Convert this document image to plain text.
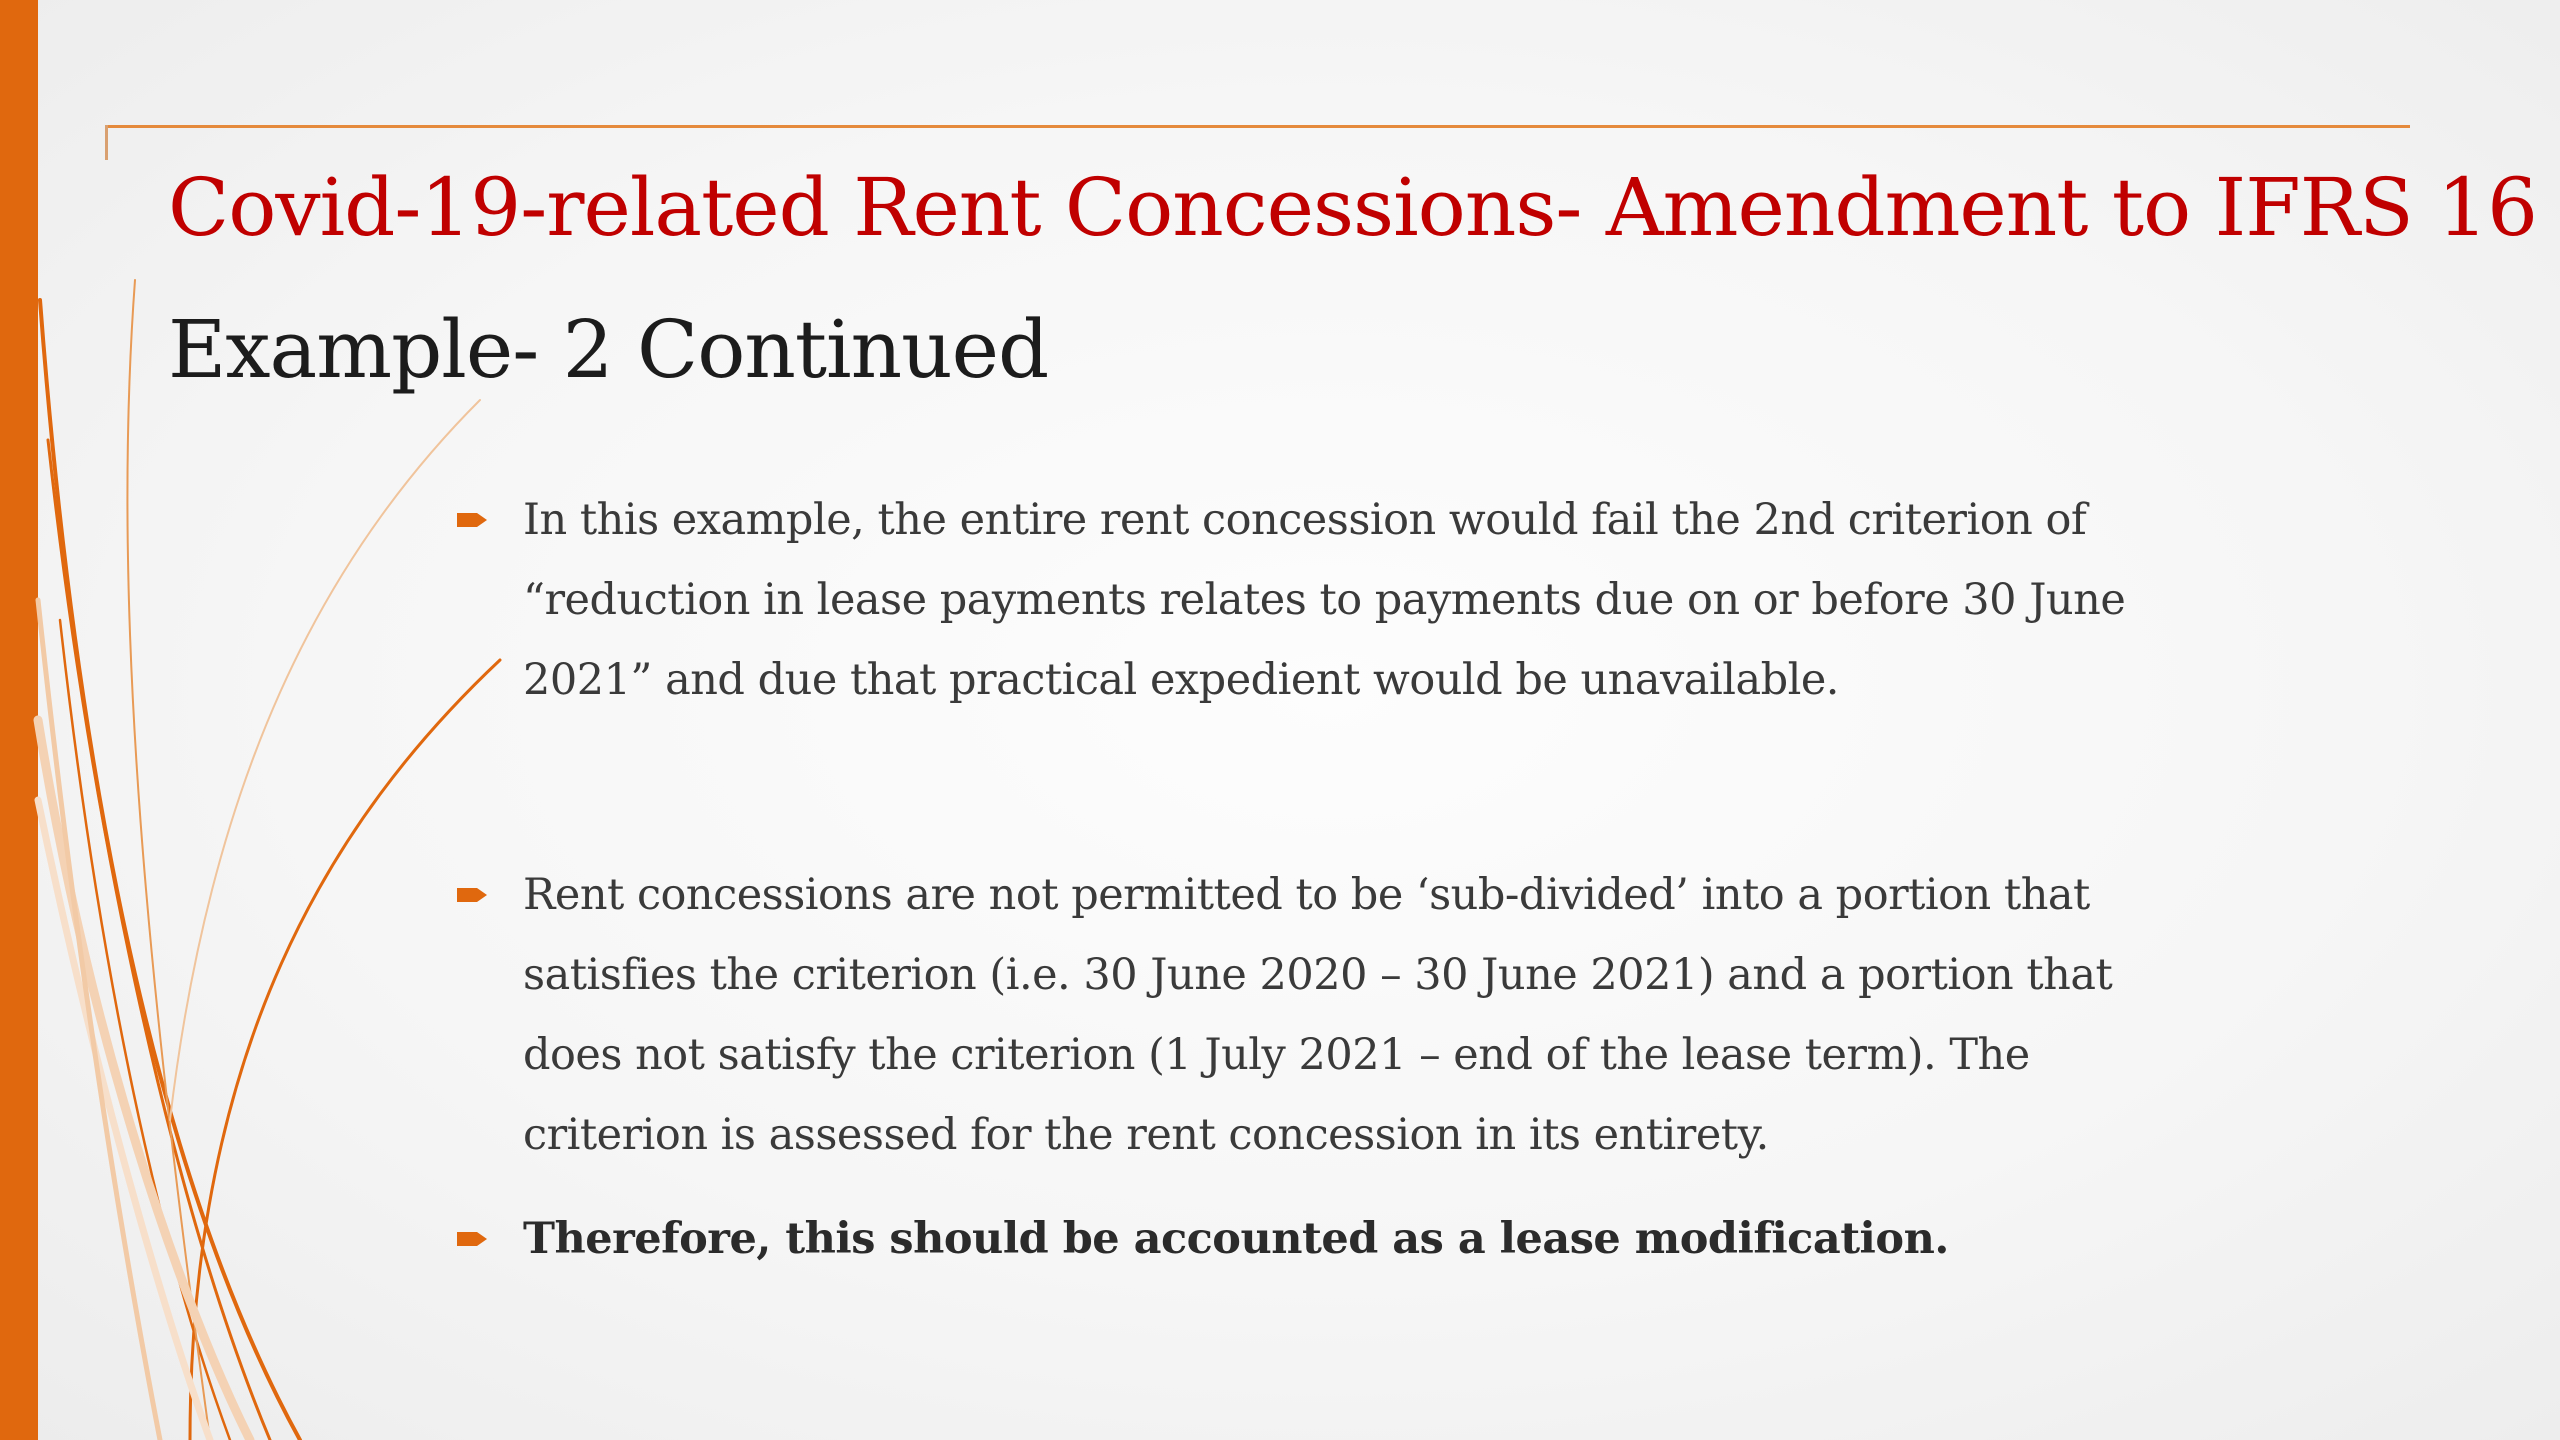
Covid-19-related Rent Concessions- Amendment to IFRS 16
Example- 2 Continued
In this example, the entire rent concession would fail the 2nd criterion of “reduction in lease payments relates to payments due on or before 30 June 2021” and due that practical expedient would be unavailable.
Rent concessions are not permitted to be ‘sub-divided’ into a portion that satisfies the criterion (i.e. 30 June 2020 – 30 June 2021) and a portion that does not satisfy the criterion (1 July 2021 – end of the lease term). The criterion is assessed for the rent concession in its entirety.
Therefore, this should be accounted as a lease modification.
